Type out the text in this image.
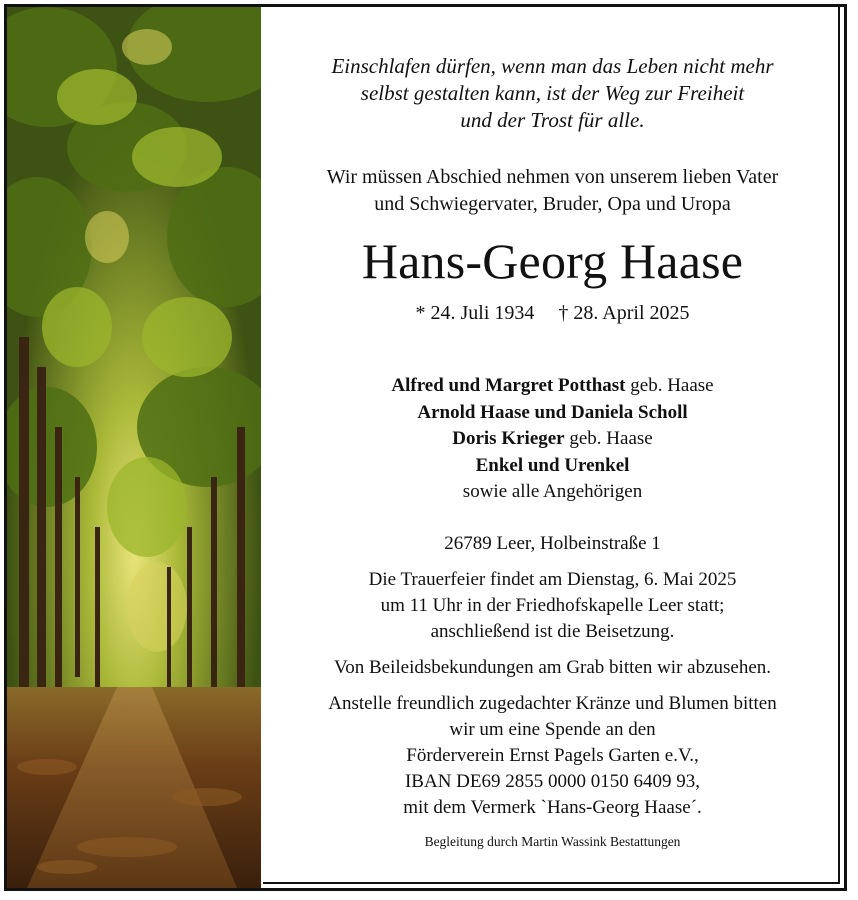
Einschlafen dürfen, wenn man das Leben nicht mehr
selbst gestalten kann, ist der Weg zur Freiheit
und der Trost für alle.
Wir müssen Abschied nehmen von unserem lieben Vater
und Schwiegervater, Bruder, Opa und Uropa
Hans-Georg Haase
* 24. Juli 1934 † 28. April 2025
Alfred und Margret Potthast geb. Haase
Arnold Haase und Daniela Scholl
Doris Krieger geb. Haase
Enkel und Urenkel
sowie alle Angehörigen
26789 Leer, Holbeinstraße 1
Die Trauerfeier findet am Dienstag, 6. Mai 2025
um 11 Uhr in der Friedhofskapelle Leer statt;
anschließend ist die Beisetzung.
Von Beileidsbekundungen am Grab bitten wir abzusehen.
Anstelle freundlich zugedachter Kränze und Blumen bitten
wir um eine Spende an den
Förderverein Ernst Pagels Garten e.V.,
IBAN DE69 2855 0000 0150 6409 93,
mit dem Vermerk `Hans-Georg Haase´.
Begleitung durch Martin Wassink Bestattungen
